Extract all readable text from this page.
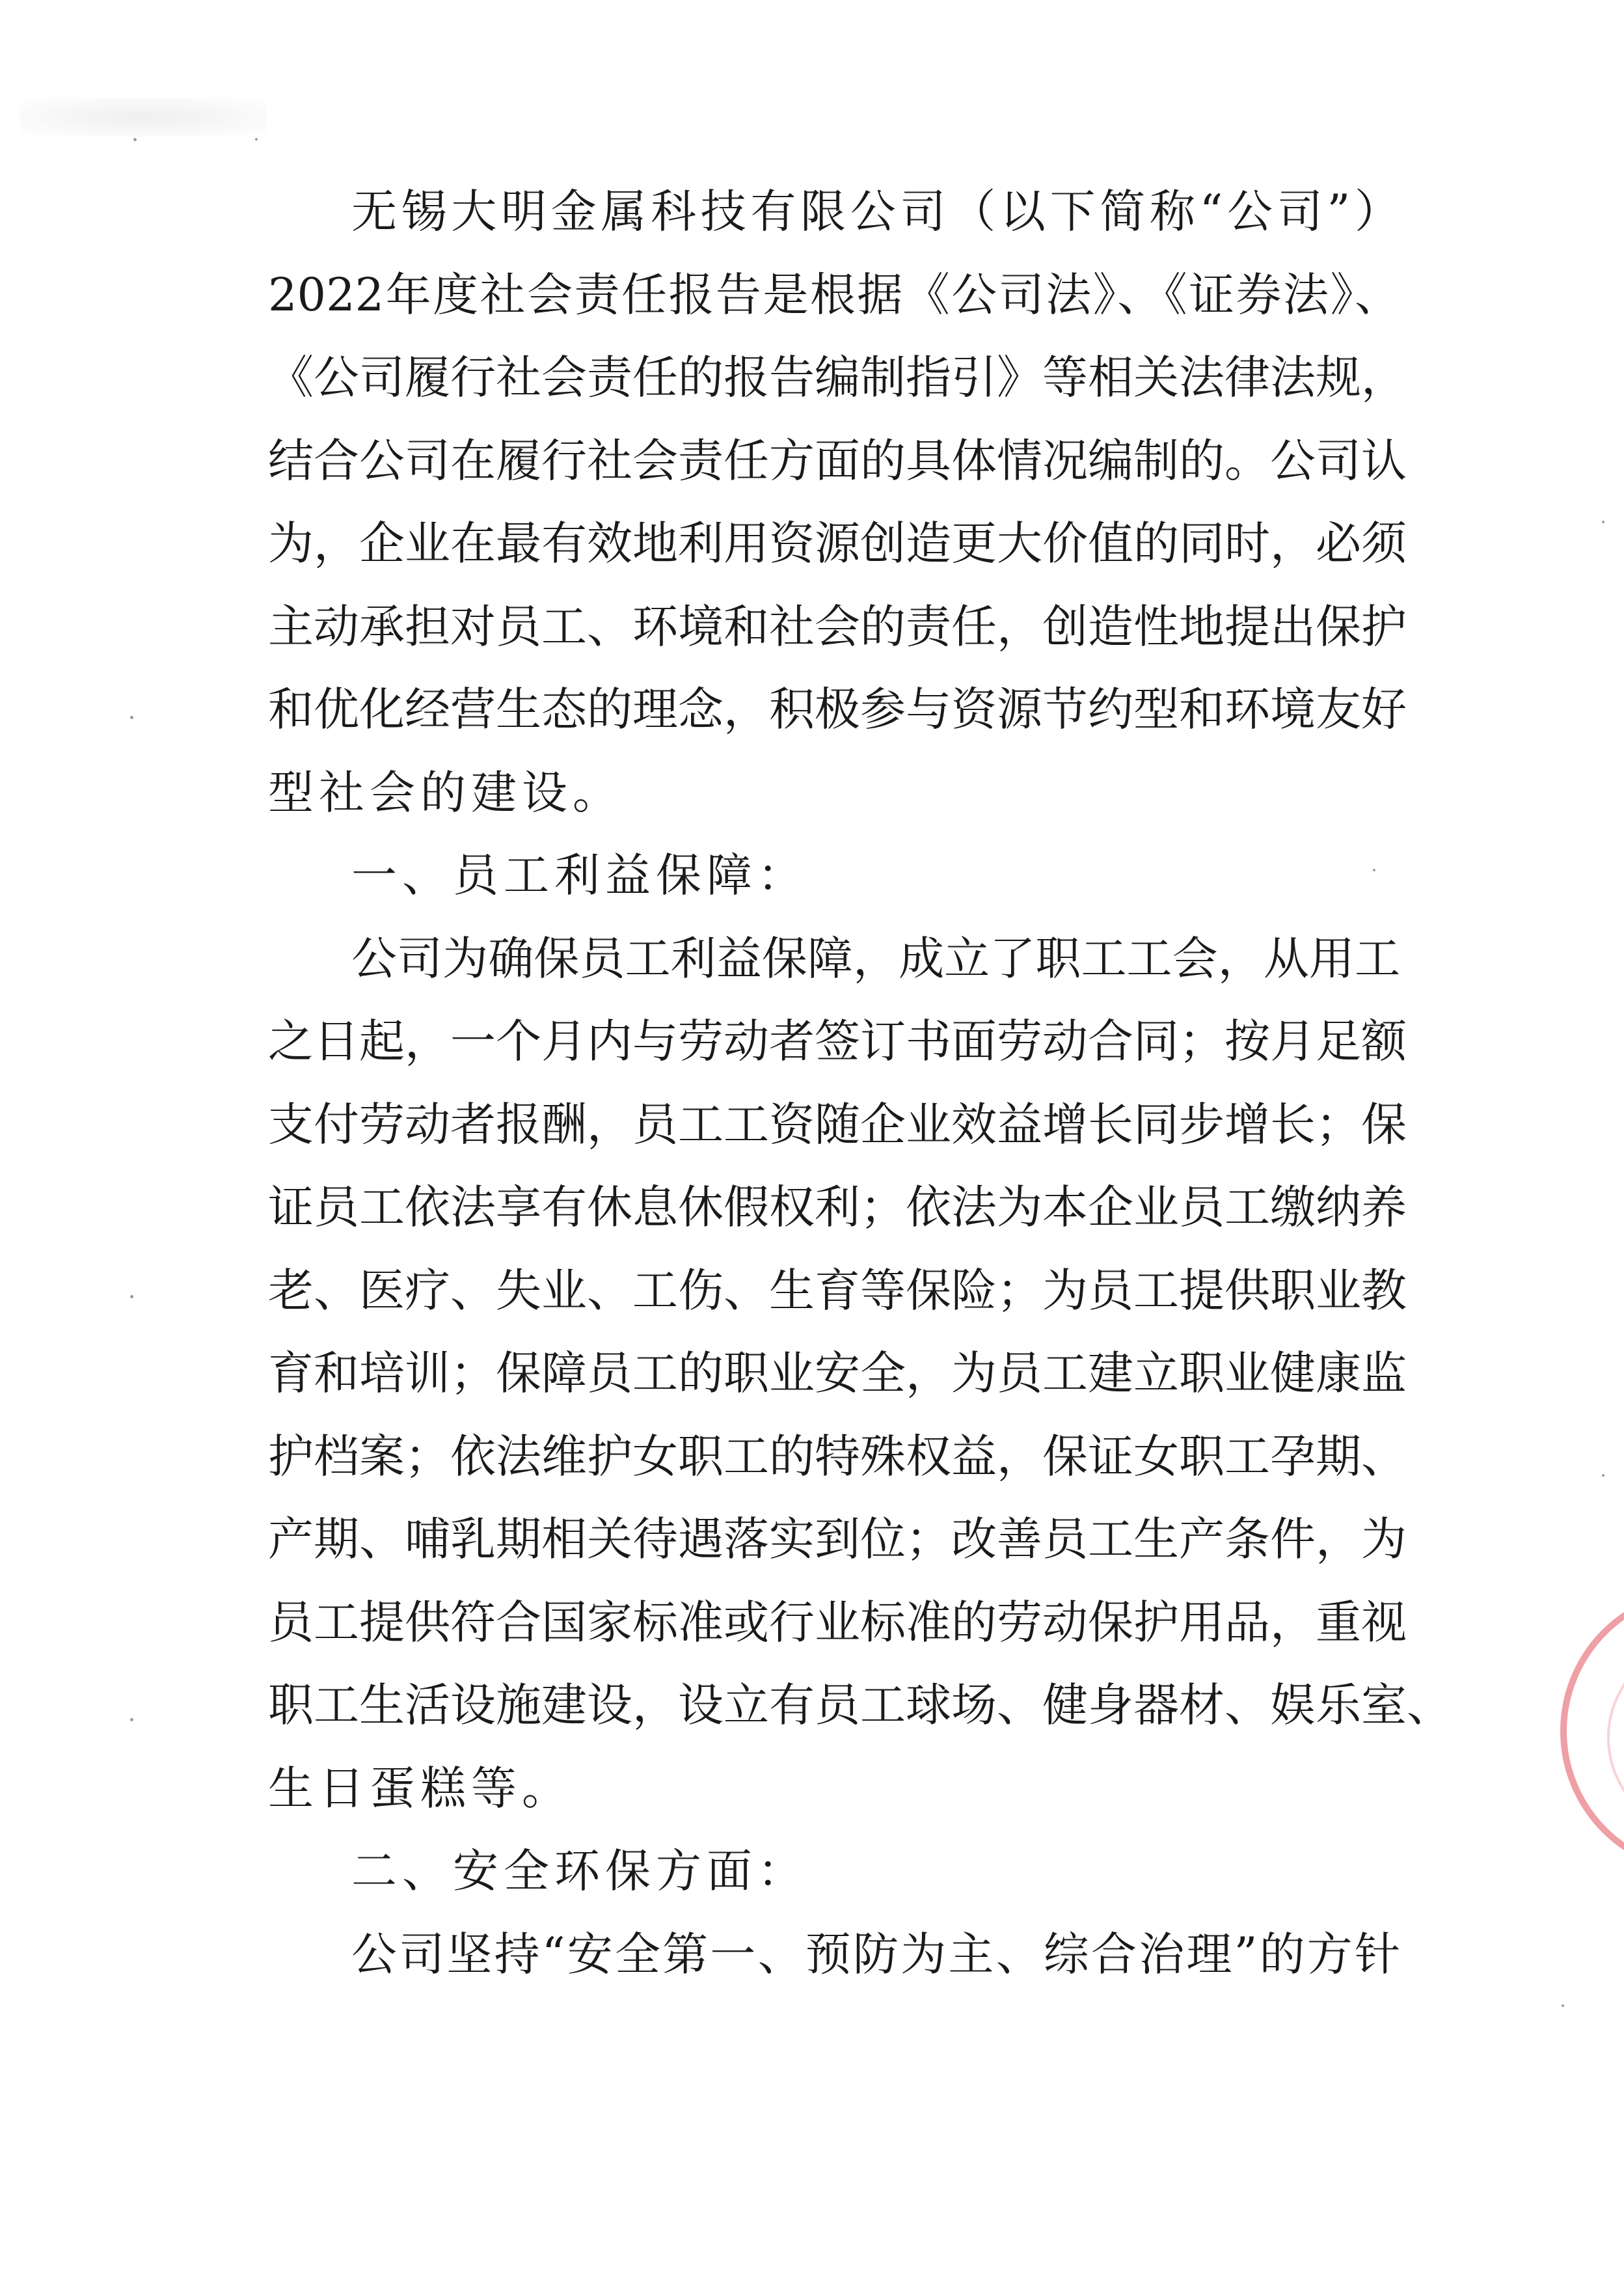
无锡大明金属科技有限公司（以下简称“公司”）
2022年度社会责任报告是根据《公司法》、《证券法》、
《公司履行社会责任的报告编制指引》等相关法律法规，
结合公司在履行社会责任方面的具体情况编制的。公司认
为，企业在最有效地利用资源创造更大价值的同时，必须
主动承担对员工、环境和社会的责任，创造性地提出保护
和优化经营生态的理念，积极参与资源节约型和环境友好
型社会的建设。
一、员工利益保障：
公司为确保员工利益保障，成立了职工工会，从用工
之日起，一个月内与劳动者签订书面劳动合同；按月足额
支付劳动者报酬，员工工资随企业效益增长同步增长；保
证员工依法享有休息休假权利；依法为本企业员工缴纳养
老、医疗、失业、工伤、生育等保险；为员工提供职业教
育和培训；保障员工的职业安全，为员工建立职业健康监
护档案；依法维护女职工的特殊权益，保证女职工孕期、
产期、哺乳期相关待遇落实到位；改善员工生产条件，为
员工提供符合国家标准或行业标准的劳动保护用品，重视
职工生活设施建设，设立有员工球场、健身器材、娱乐室、
生日蛋糕等。
二、安全环保方面：
公司坚持“安全第一、预防为主、综合治理”的方针
